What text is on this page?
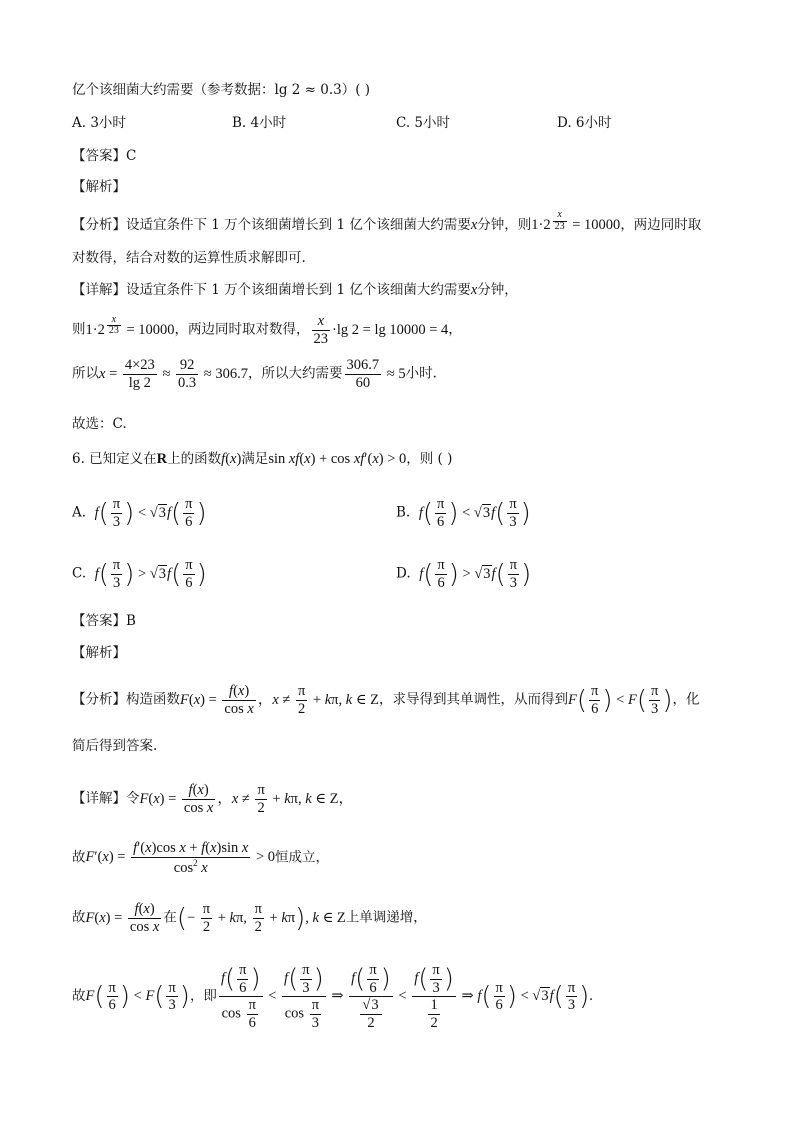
亿个该细菌大约需要（参考数据：lg 2 ≈ 0.3）( )
A. 3小时	B. 4小时	C. 5小时	D. 6小时
【答案】C
【解析】
【分析】设适宜条件下 1 万个该细菌增长到 1 亿个该细菌大约需要x分钟，则1·2 $^{\frac{x}{23}}$ = 10000，两边同时取
对数得，结合对数的运算性质求解即可.
【详解】设适宜条件下 1 万个该细菌增长到 1 亿个该细菌大约需要x分钟，
则1·2 $^{\frac{x}{23}}$ = 10000，两边同时取对数得， $\frac{x}{23} \cdot\lg$ 2 = lg 10000 = 4，
所以$x = \frac{4\times 23}{\lg 2} \approx \frac{92}{0.3} \approx 306.7$，所以大约需要 $\frac{306.7}{60} \approx 5$小时.
故选：C.
6. 已知定义在R上的函数f(x)满足sin xf(x) + cos xf′(x) > 0，则 ( )
A. $f( \frac{\pi}{3}$ ) < $√3f( \frac{\pi}{6}$ )	B. $f( \frac{\pi}{6}$ ) < $√3f( \frac{\pi}{3}$ )
C. $f( \frac{\pi}{3}$ ) > $√3f( \frac{\pi}{6}$ )	D. $f( \frac{\pi}{6}$ ) > $√3f( \frac{\pi}{3}$ )
【答案】B
【解析】
【分析】构造函数$F(x) = \frac{f(x)}{\text{cos x}}$ ，$x \ne \frac{\pi}{2} + k\pi$, k ∈ Z，求导得到其单调性，从而得到$F( \frac{\pi}{6}$ ) < $F( \frac{\pi}{3}$ )，化
简后得到答案.
【详解】令$F(x) = \frac{f(x)}{\text{cos x}}$ ，$x \ne \frac{\pi}{2} + k\pi$, k ∈ Z，
故$F'(x) = \frac{\text{f′(x)cos x + f(x)sin x}}{\cos^2 x} > 0$恒成立，
故$F(x) = \frac{f(x)}{\text{cos x}}$ 在(− $\frac{\pi}{2} + k\pi$, $\frac{\pi}{2} + k\pi$), k ∈ Z上单调递增，
故$F( \frac{\pi}{6}$ ) < $F( \frac{\pi}{3}$ )，即 $\frac{f( \frac{\pi}{6} )}{\cos \frac{\pi}{6}} < \frac{f( \frac{\pi}{3} )}{\cos \frac{\pi}{3}}$ ⇒ $\frac{f( \frac{\pi}{6} )}{\frac{√3}{2}} < \frac{f( \frac{\pi}{3} )}{\frac{1}{2}}$ ⇒ $f( \frac{\pi}{6}$ ) < $√3f( \frac{\pi}{3}$ ).
